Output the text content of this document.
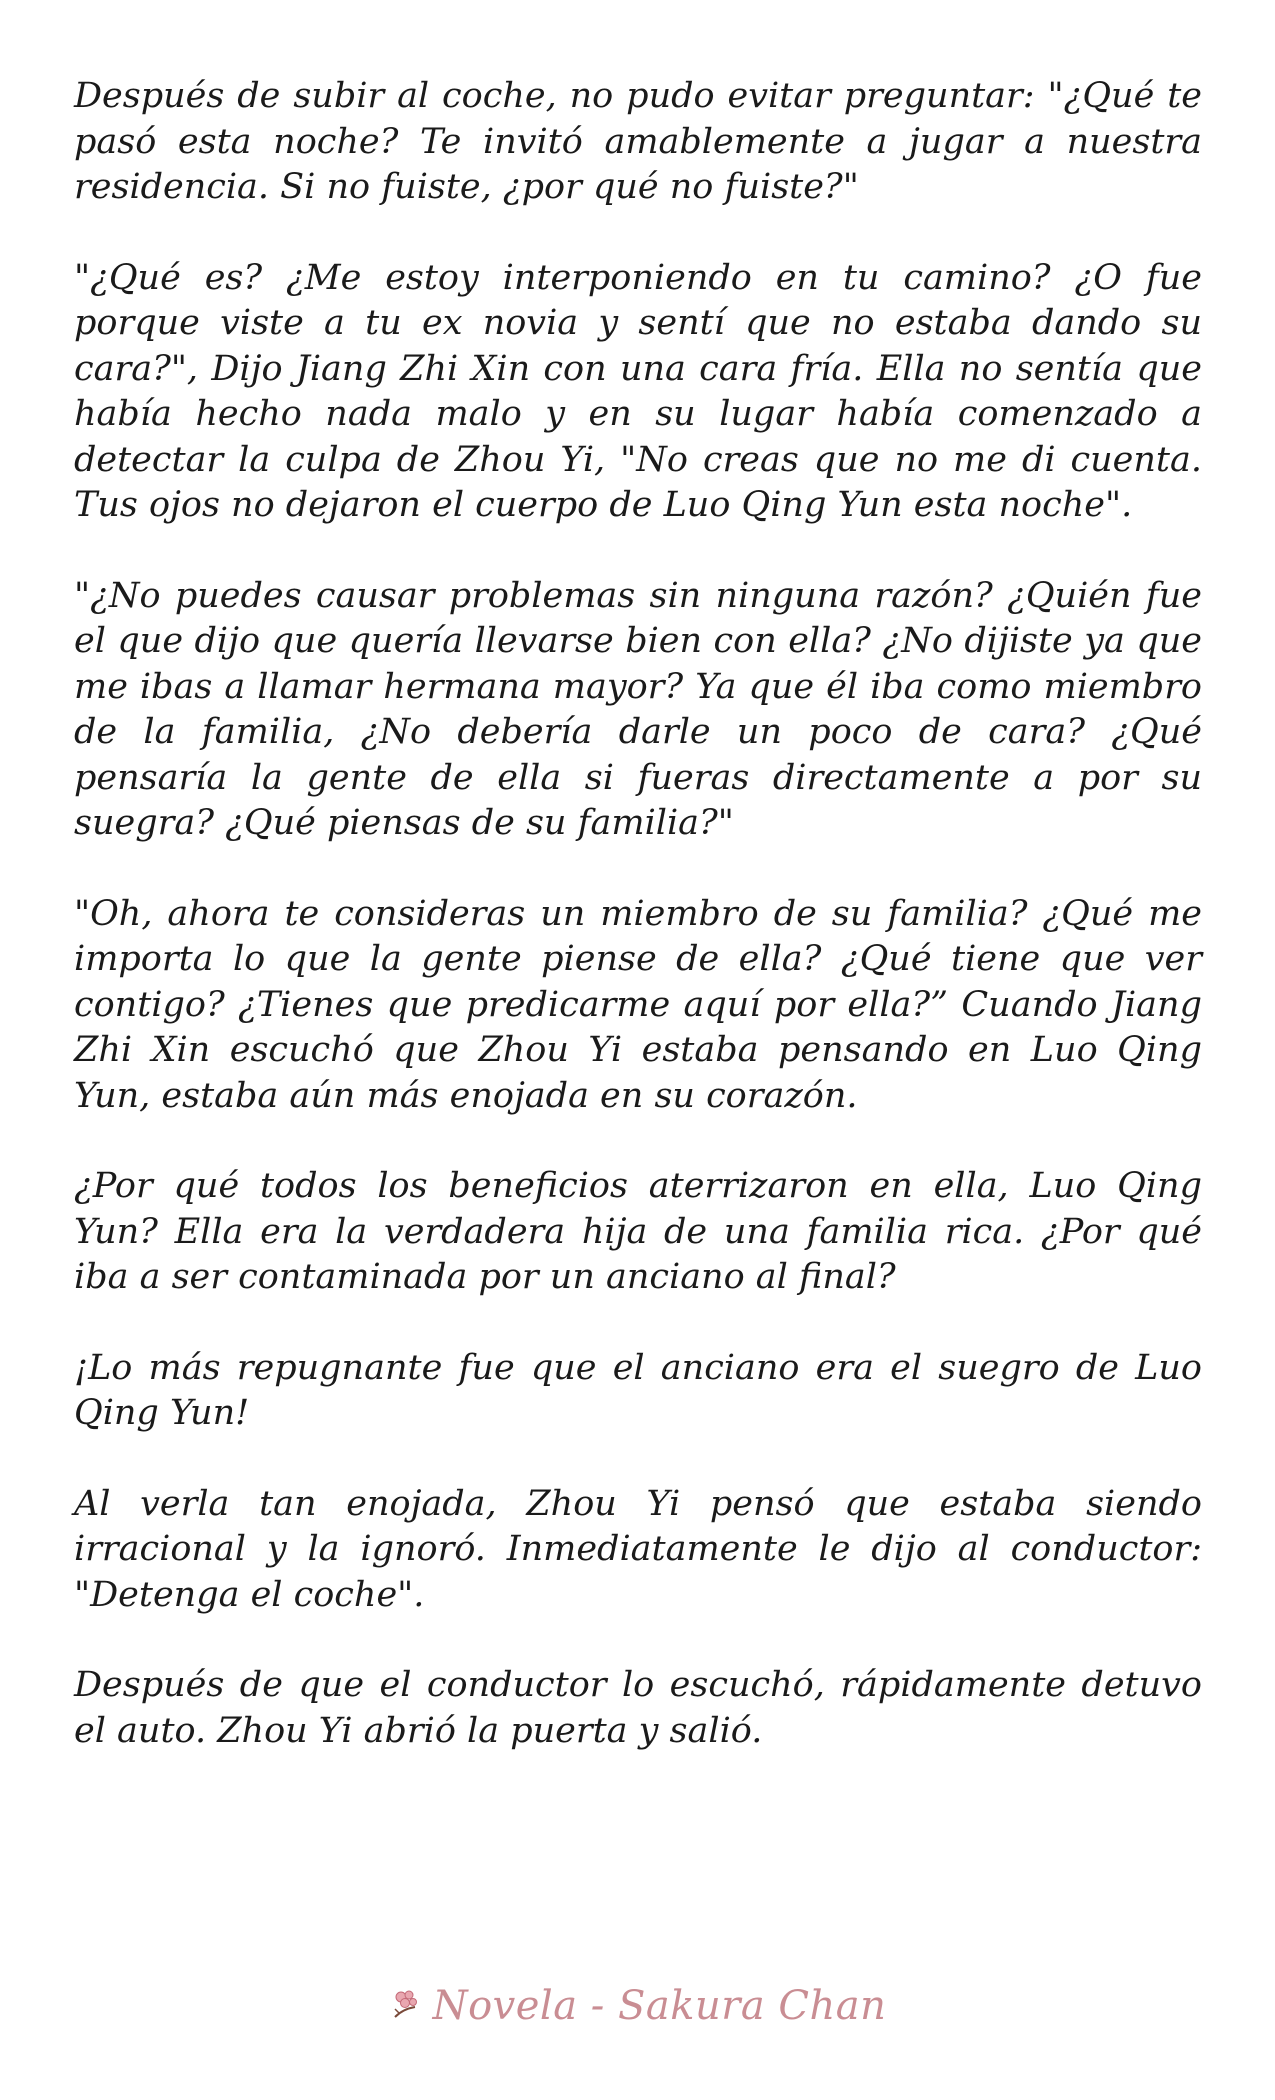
Después de subir al coche, no pudo evitar preguntar: "¿Qué te pasó esta noche? Te invitó amablemente a jugar a nuestra residencia. Si no fuiste, ¿por qué no fuiste?"

"¿Qué es? ¿Me estoy interponiendo en tu camino? ¿O fue porque viste a tu ex novia y sentí que no estaba dando su cara?", Dijo Jiang Zhi Xin con una cara fría. Ella no sentía que había hecho nada malo y en su lugar había comenzado a detectar la culpa de Zhou Yi, "No creas que no me di cuenta. Tus ojos no dejaron el cuerpo de Luo Qing Yun esta noche".

"¿No puedes causar problemas sin ninguna razón? ¿Quién fue el que dijo que quería llevarse bien con ella? ¿No dijiste ya que me ibas a llamar hermana mayor? Ya que él iba como miembro de la familia, ¿No debería darle un poco de cara? ¿Qué pensaría la gente de ella si fueras directamente a por su suegra? ¿Qué piensas de su familia?"

"Oh, ahora te consideras un miembro de su familia? ¿Qué me importa lo que la gente piense de ella? ¿Qué tiene que ver contigo? ¿Tienes que predicarme aquí por ella?” Cuando Jiang Zhi Xin escuchó que Zhou Yi estaba pensando en Luo Qing Yun, estaba aún más enojada en su corazón.

¿Por qué todos los beneficios aterrizaron en ella, Luo Qing Yun? Ella era la verdadera hija de una familia rica. ¿Por qué iba a ser contaminada por un anciano al final?

¡Lo más repugnante fue que el anciano era el suegro de Luo Qing Yun!

Al verla tan enojada, Zhou Yi pensó que estaba siendo irracional y la ignoró. Inmediatamente le dijo al conductor: "Detenga el coche".

Después de que el conductor lo escuchó, rápidamente detuvo el auto. Zhou Yi abrió la puerta y salió.

Novela - Sakura Chan
